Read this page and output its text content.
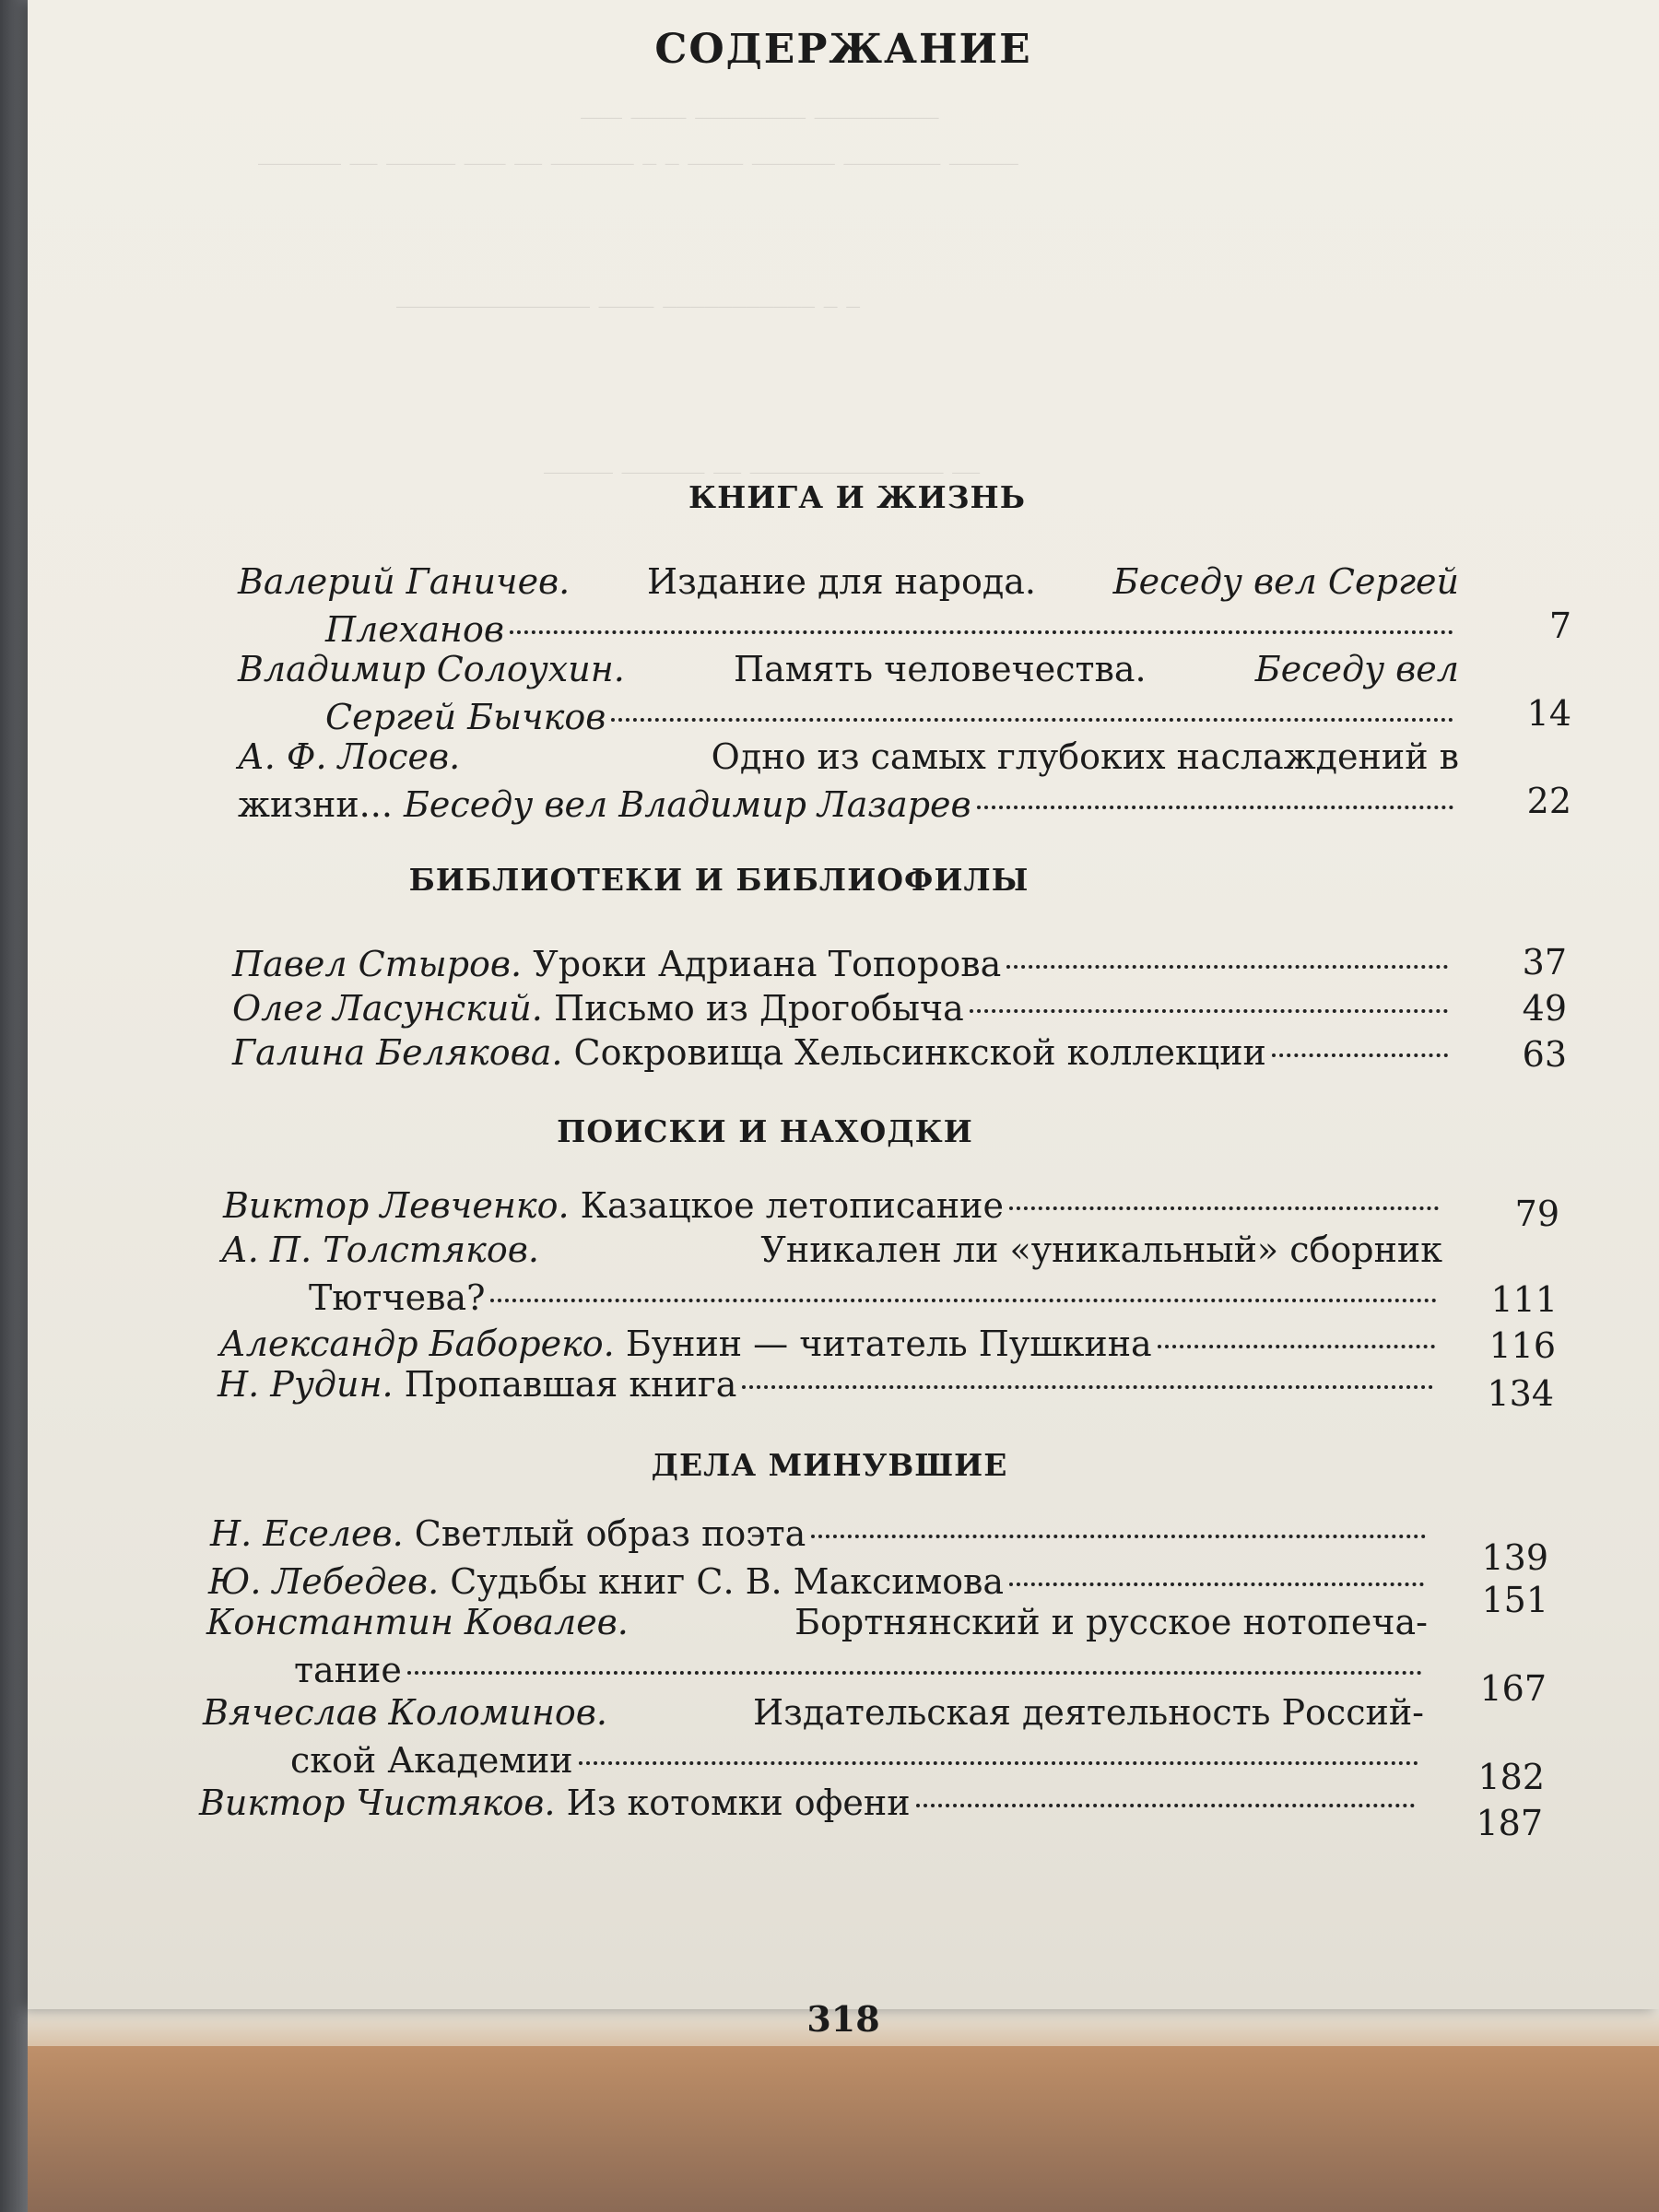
_________ ________ ____ ___
_____ _______ ______ ____ _ _ ______ __ ___ _____ __ ______
_ _ ___________ ____ ______________
__ ______________ __ ______ _____
СОДЕРЖАНИЕ
КНИГА И ЖИЗНЬ
Валерий Ганичев. Издание для народа. Беседу вел Сергей
Плеханов	7
Владимир Солоухин.	Память человечества.	Беседу вел
Сергей Бычков	14
А. Ф. Лосев.	Одно из самых глубоких наслаждений в
жизни...
Беседу вел Владимир Лазарев	22
БИБЛИОТЕКИ И БИБЛИОФИЛЫ
Павел Стыров.
Уроки Адриана Топорова	37
Олег Ласунский.
Письмо из Дрогобыча	49
Галина Белякова.
Сокровища Хельсинкской коллекции	63
ПОИСКИ И НАХОДКИ
Виктор Левченко.
Казацкое летописание	79
А. П. Толстяков.	Уникален ли «уникальный» сборник
Тютчева?	111
Александр Бабореко.
Бунин — читатель Пушкина	116
Н. Рудин.
Пропавшая книга	134
ДЕЛА МИНУВШИЕ
Н. Еселев.
Светлый образ поэта
139
Ю. Лебедев.
Судьбы книг С. В. Максимова	151
Константин Ковалев.	Бортнянский и русское нотопеча-
тание	167
Вячеслав Коломинов.	Издательская деятельность Россий-
ской Академии	182
Виктор Чистяков.
Из котомки офени	187
318
